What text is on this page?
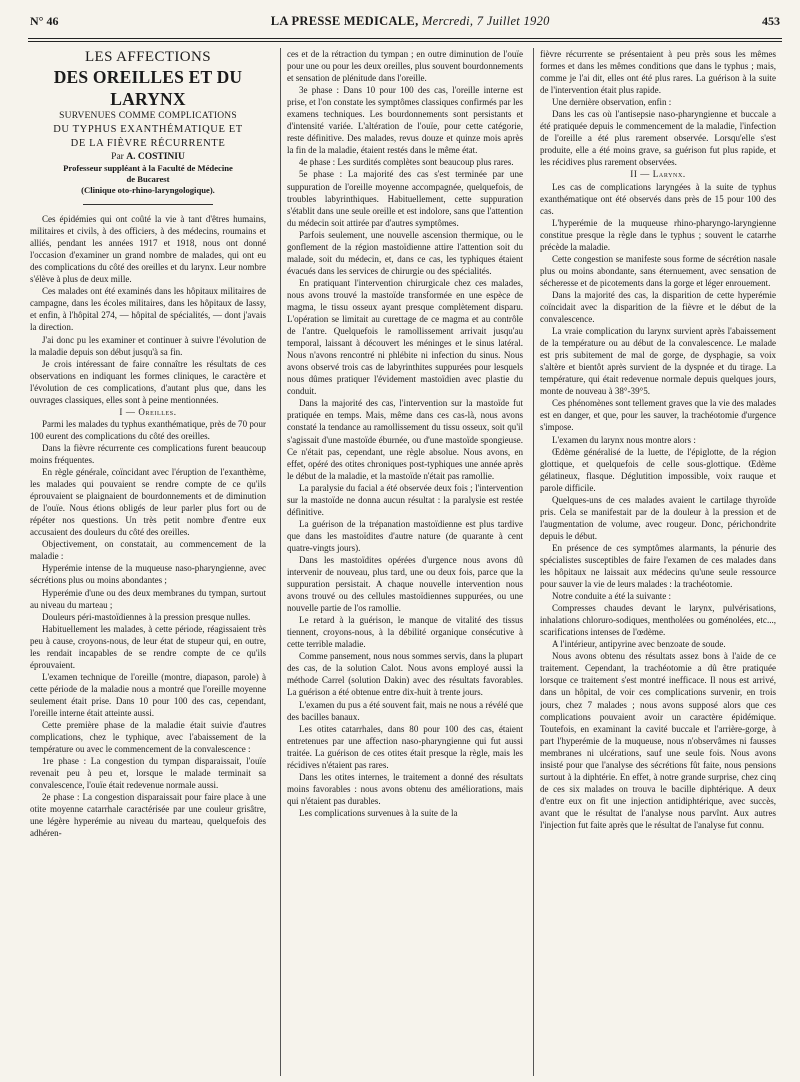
N° 46	LA PRESSE MEDICALE, Mercredi, 7 Juillet 1920	453

LES AFFECTIONS

DES OREILLES ET DU LARYNX

SURVENUES COMME COMPLICATIONS

DU TYPHUS EXANTHÉMATIQUE ET

DE LA FIÈVRE RÉCURRENTE

Par A. COSTINIU

Professeur suppléant à la Faculté de Médecine

de Bucarest

(Clinique oto-rhino-laryngologique).

Ces épidémies qui ont coûté la vie à tant d'êtres humains, militaires et civils, à des officiers, à des médecins, roumains et alliés, pendant les années 1917 et 1918, nous ont donné l'occasion d'examiner un grand nombre de malades, qui ont eu des complications du côté des oreilles et du larynx. Leur nombre s'élève à plus de deux mille.

Ces malades ont été examinés dans les hôpitaux militaires de campagne, dans les écoles militaires, dans les hôpitaux de Iassy, et enfin, à l'hôpital 274, — hôpital de spécialités, — dont j'avais la direction.

J'ai donc pu les examiner et continuer à suivre l'évolution de la maladie depuis son début jusqu'à sa fin.

Je crois intéressant de faire connaître les résultats de ces observations en indiquant les formes cliniques, le caractère et l'évolution de ces complications, d'autant plus que, dans les ouvrages classiques, elles sont à peine mentionnées.

I — Oreilles.

Parmi les malades du typhus exanthématique, près de 70 pour 100 eurent des complications du côté des oreilles.

Dans la fièvre récurrente ces complications furent beaucoup moins fréquentes.

En règle générale, coïncidant avec l'éruption de l'exanthème, les malades qui pouvaient se rendre compte de ce qu'ils éprouvaient se plaignaient de bourdonnements et de diminution de l'ouïe. Nous étions obligés de leur parler plus fort ou de répéter nos questions. Un très petit nombre d'entre eux accusaient des douleurs du côté des oreilles.

Objectivement, on constatait, au commencement de la maladie :

Hyperémie intense de la muqueuse naso-pharyngienne, avec sécrétions plus ou moins abondantes ;

Hyperémie d'une ou des deux membranes du tympan, surtout au niveau du marteau ;

Douleurs péri-mastoïdiennes à la pression presque nulles.

Habituellement les malades, à cette période, réagissaient très peu à cause, croyons-nous, de leur état de stupeur qui, en outre, les rendait incapables de se rendre compte de ce qu'ils éprouvaient.

L'examen technique de l'oreille (montre, diapason, parole) à cette période de la maladie nous a montré que l'oreille moyenne seulement était prise. Dans 10 pour 100 des cas, cependant, l'oreille interne était atteinte aussi.

Cette première phase de la maladie était suivie d'autres complications, chez le typhique, avec l'abaissement de la température ou avec le commencement de la convalescence :

1re phase : La congestion du tympan disparaissait, l'ouïe revenait peu à peu et, lorsque le malade terminait sa convalescence, l'ouïe était redevenue normale aussi.

2e phase : La congestion disparaissait pour faire place à une otite moyenne catarrhale caractérisée par une couleur grisâtre, une légère hyperémie au niveau du marteau, quelquefois des adhéren-

ces et de la rétraction du tympan ; en outre diminution de l'ouïe pour une ou pour les deux oreilles, plus souvent bourdonnements et sensation de plénitude dans l'oreille.

3e phase : Dans 10 pour 100 des cas, l'oreille interne est prise, et l'on constate les symptômes classiques confirmés par les examens techniques. Les bourdonnements sont persistants et d'intensité variée. L'altération de l'ouïe, pour cette catégorie, reste définitive. Des malades, revus douze et quinze mois après la fin de la maladie, étaient restés dans le même état.

4e phase : Les surdités complètes sont beaucoup plus rares.

5e phase : La majorité des cas s'est terminée par une suppuration de l'oreille moyenne accompagnée, quelquefois, de troubles labyrinthiques. Habituellement, cette suppuration s'établit dans une seule oreille et est indolore, sans que l'attention du médecin soit attirée par d'autres symptômes.

Parfois seulement, une nouvelle ascension thermique, ou le gonflement de la région mastoïdienne attire l'attention soit du malade, soit du médecin, et, dans ce cas, les typhiques étaient évacués dans les services de chirurgie ou des spécialités.

En pratiquant l'intervention chirurgicale chez ces malades, nous avons trouvé la mastoïde transformée en une espèce de magma, le tissu osseux ayant presque complètement disparu. L'opération se limitait au curettage de ce magma et au contrôle de l'antre. Quelquefois le ramollissement arrivait jusqu'au temporal, laissant à découvert les méninges et le sinus latéral. Nous n'avons rencontré ni phlébite ni infection du sinus. Nous avons observé trois cas de labyrinthites suppurées pour lesquels nous dûmes pratiquer l'évidement mastoïdien avec plastie du conduit.

Dans la majorité des cas, l'intervention sur la mastoïde fut pratiquée en temps. Mais, même dans ces cas-là, nous avons constaté la tendance au ramollissement du tissu osseux, soit qu'il s'agissait d'une mastoïde éburnée, ou d'une mastoïde spongieuse. Ce n'était pas, cependant, une règle absolue. Nous avons, en effet, opéré des otites chroniques post-typhiques une année après le début de la maladie, et la mastoïde n'était pas ramollie.

La paralysie du facial a été observée deux fois ; l'intervention sur la mastoïde ne donna aucun résultat : la paralysie est restée définitive.

La guérison de la trépanation mastoïdienne est plus tardive que dans les mastoïdites d'autre nature (de quarante à cent quatre-vingts jours).

Dans les mastoïdites opérées d'urgence nous avons dû intervenir de nouveau, plus tard, une ou deux fois, parce que la suppuration persistait. A chaque nouvelle intervention nous avons trouvé ou des cellules mastoïdiennes suppurées, ou une nouvelle partie de l'os ramollie.

Le retard à la guérison, le manque de vitalité des tissus tiennent, croyons-nous, à la débilité organique consécutive à cette terrible maladie.

Comme pansement, nous nous sommes servis, dans la plupart des cas, de la solution Calot. Nous avons employé aussi la méthode Carrel (solution Dakin) avec des résultats favorables. La guérison a été obtenue entre dix-huit à trente jours.

L'examen du pus a été souvent fait, mais ne nous a révélé que des bacilles banaux.

Les otites catarrhales, dans 80 pour 100 des cas, étaient entretenues par une affection naso-pharyngienne qui fut aussi traitée. La guérison de ces otites était presque la règle, mais les récidives n'étaient pas rares.

Dans les otites internes, le traitement a donné des résultats moins favorables : nous avons obtenu des améliorations, mais qui n'étaient pas durables.

Les complications survenues à la suite de la

fièvre récurrente se présentaient à peu près sous les mêmes formes et dans les mêmes conditions que dans le typhus ; mais, comme je l'ai dit, elles ont été plus rares. La guérison à la suite de l'intervention était plus rapide.

Une dernière observation, enfin :

Dans les cas où l'antisepsie naso-pharyngienne et buccale a été pratiquée depuis le commencement de la maladie, l'infection de l'oreille a été plus rarement observée. Lorsqu'elle s'est produite, elle a été moins grave, sa guérison fut plus rapide, et les récidives plus rarement observées.

II — Larynx.

Les cas de complications laryngées à la suite de typhus exanthématique ont été observés dans près de 15 pour 100 des cas.

L'hyperémie de la muqueuse rhino-pharyngo-laryngienne constitue presque la règle dans le typhus ; souvent le catarrhe précède la maladie.

Cette congestion se manifeste sous forme de sécrétion nasale plus ou moins abondante, sans éternuement, avec sensation de sécheresse et de picotements dans la gorge et léger enrouement.

Dans la majorité des cas, la disparition de cette hyperémie coïncidait avec la disparition de la fièvre et le début de la convalescence.

La vraie complication du larynx survient après l'abaissement de la température ou au début de la convalescence. Le malade est pris subitement de mal de gorge, de dysphagie, sa voix s'altère et bientôt après survient de la dyspnée et du tirage. La température, qui était redevenue normale depuis quelques jours, monte de nouveau à 38°-39°5.

Ces phénomènes sont tellement graves que la vie des malades est en danger, et que, pour les sauver, la trachéotomie d'urgence s'impose.

L'examen du larynx nous montre alors :

Œdème généralisé de la luette, de l'épiglotte, de la région glottique, et quelquefois de celle sous-glottique. Œdème gélatineux, flasque. Déglutition impossible, voix rauque et parole difficile.

Quelques-uns de ces malades avaient le cartilage thyroïde pris. Cela se manifestait par de la douleur à la pression et de l'augmentation de volume, avec rougeur. Donc, périchondrite depuis le début.

En présence de ces symptômes alarmants, la pénurie des spécialistes susceptibles de faire l'examen de ces malades dans les hôpitaux ne laissait aux médecins qu'une seule ressource pour sauver la vie de leurs malades : la trachéotomie.

Notre conduite a été la suivante :

Compresses chaudes devant le larynx, pulvérisations, inhalations chloruro-sodiques, mentholées ou goménolées, etc..., scarifications intenses de l'œdème.

A l'intérieur, antipyrine avec benzoate de soude.

Nous avons obtenu des résultats assez bons à l'aide de ce traitement. Cependant, la trachéotomie a dû être pratiquée lorsque ce traitement s'est montré inefficace. Il nous est arrivé, dans un hôpital, de voir ces complications survenir, en trois jours, chez 7 malades ; nous avons supposé alors que ces complications pouvaient avoir un caractère épidémique. Toutefois, en examinant la cavité buccale et l'arrière-gorge, à part l'hyperémie de la muqueuse, nous n'observâmes ni fausses membranes ni ulcérations, sauf une seule fois. Nous avons insisté pour que l'analyse des sécrétions fût faite, nous pensions surtout à la diphtérie. En effet, à notre grande surprise, chez cinq de ces six malades on trouva le bacille diphtérique. A deux d'entre eux on fit une injection antidiphtérique, avec succès, avant que le résultat de l'analyse nous parvînt. Aux autres l'injection fut faite après que le résultat de l'analyse fut connu.
